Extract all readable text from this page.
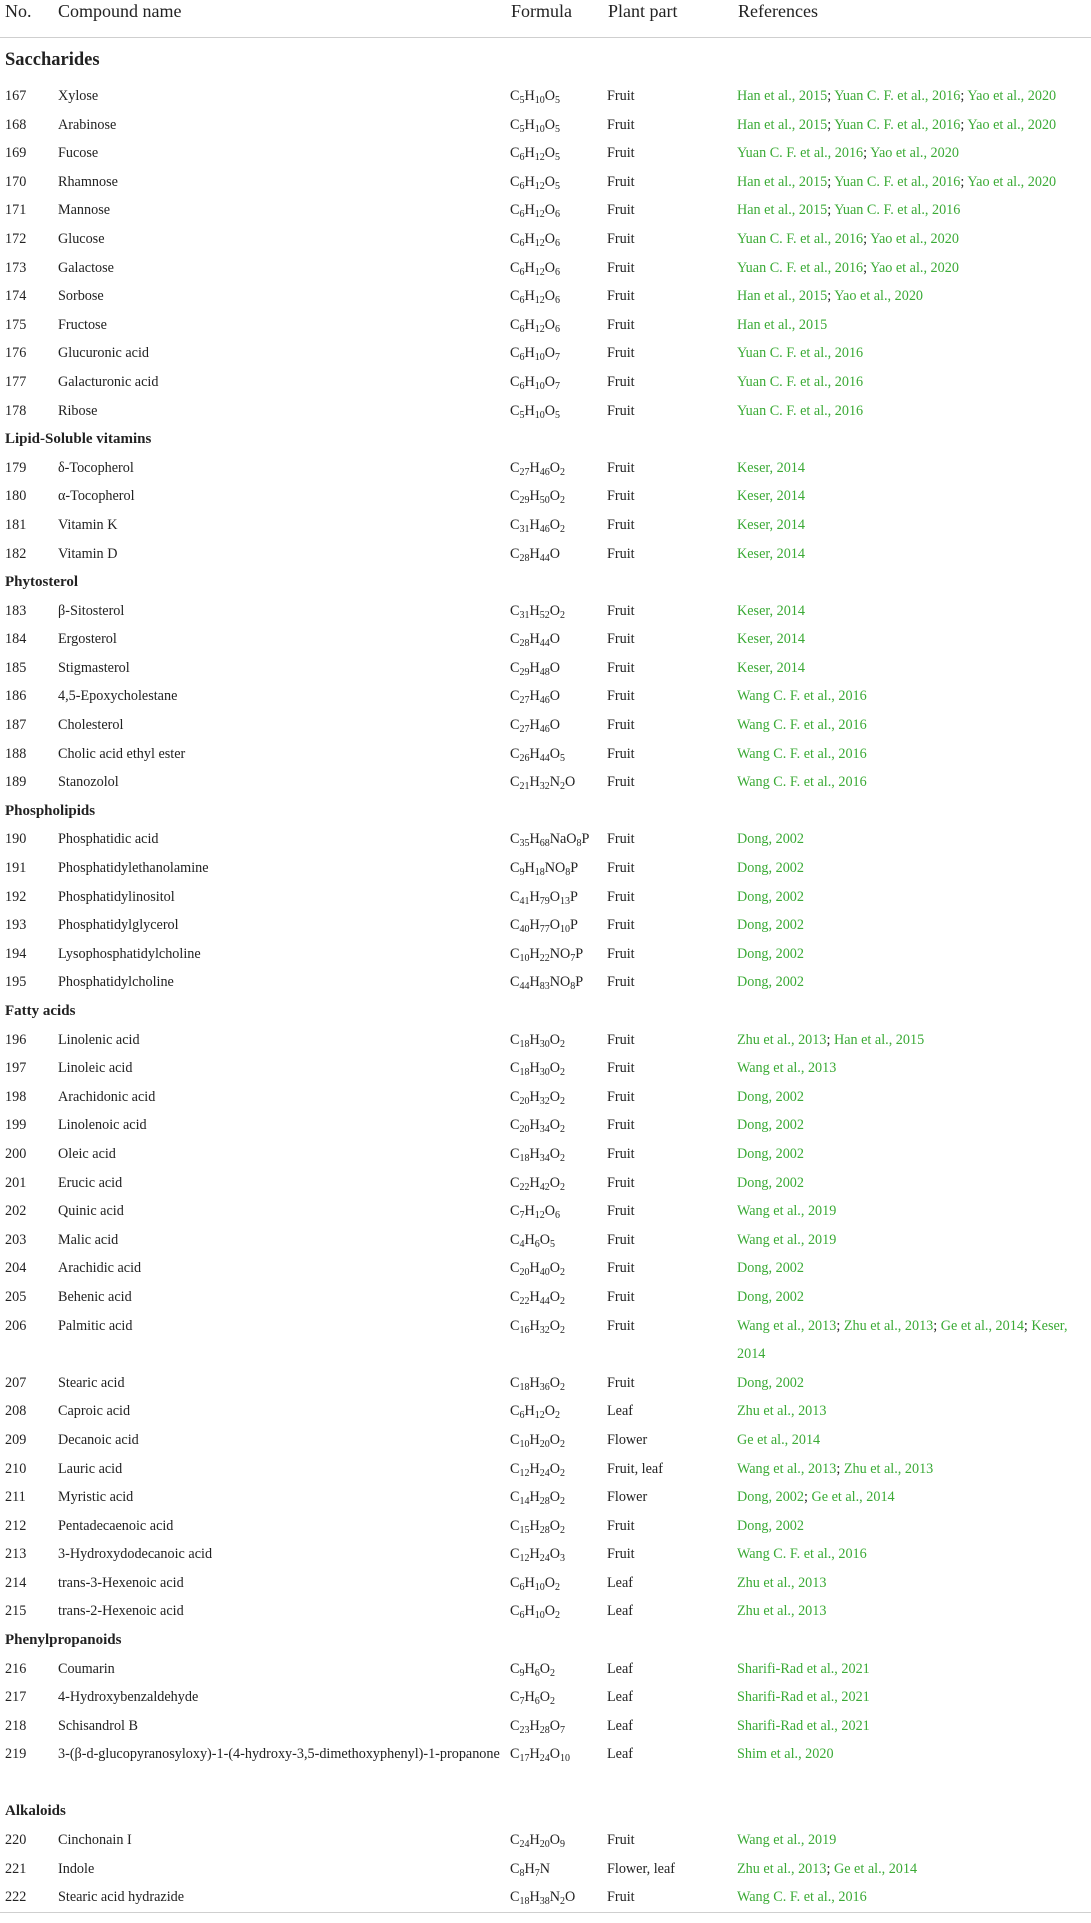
No.	Compound name	Formula	Plant part	References
Saccharides				
167	Xylose	$C_5H_{10}O_5$	Fruit	Han et al., 2015; Yuan C. F. et al., 2016; Yao et al., 2020
168	Arabinose	$C_5H_{10}O_5$	Fruit	Han et al., 2015; Yuan C. F. et al., 2016; Yao et al., 2020
169	Fucose	$C_6H_{12}O_5$	Fruit	Yuan C. F. et al., 2016; Yao et al., 2020
170	Rhamnose	$C_6H_{12}O_5$	Fruit	Han et al., 2015; Yuan C. F. et al., 2016; Yao et al., 2020
171	Mannose	$C_6H_{12}O_6$	Fruit	Han et al., 2015; Yuan C. F. et al., 2016
172	Glucose	$C_6H_{12}O_6$	Fruit	Yuan C. F. et al., 2016; Yao et al., 2020
173	Galactose	$C_6H_{12}O_6$	Fruit	Yuan C. F. et al., 2016; Yao et al., 2020
174	Sorbose	$C_6H_{12}O_6$	Fruit	Han et al., 2015; Yao et al., 2020
175	Fructose	$C_6H_{12}O_6$	Fruit	Han et al., 2015
176	Glucuronic acid	$C_6H_{10}O_7$	Fruit	Yuan C. F. et al., 2016
177	Galacturonic acid	$C_6H_{10}O_7$	Fruit	Yuan C. F. et al., 2016
178	Ribose	$C_5H_{10}O_5$	Fruit	Yuan C. F. et al., 2016
Lipid-Soluble vitamins				
179	δ-Tocopherol	$C_{27}H_{46}O_2$	Fruit	Keser, 2014
180	α-Tocopherol	$C_{29}H_{50}O_2$	Fruit	Keser, 2014
181	Vitamin K	$C_{31}H_{46}O_2$	Fruit	Keser, 2014
182	Vitamin D	$C_{28}H_{44}O$	Fruit	Keser, 2014
Phytosterol				
183	β-Sitosterol	$C_{31}H_{52}O_2$	Fruit	Keser, 2014
184	Ergosterol	$C_{28}H_{44}O$	Fruit	Keser, 2014
185	Stigmasterol	$C_{29}H_{48}O$	Fruit	Keser, 2014
186	4,5-Epoxycholestane	$C_{27}H_{46}O$	Fruit	Wang C. F. et al., 2016
187	Cholesterol	$C_{27}H_{46}O$	Fruit	Wang C. F. et al., 2016
188	Cholic acid ethyl ester	$C_{26}H_{44}O_5$	Fruit	Wang C. F. et al., 2016
189	Stanozolol	$C_{21}H_{32}N_2O$	Fruit	Wang C. F. et al., 2016
Phospholipids				
190	Phosphatidic acid	$C_{35}H_{68}NaO_8P$	Fruit	Dong, 2002
191	Phosphatidylethanolamine	$C_9H_{18}NO_8P$	Fruit	Dong, 2002
192	Phosphatidylinositol	$C_{41}H_{79}O_{13}P$	Fruit	Dong, 2002
193	Phosphatidylglycerol	$C_{40}H_{77}O_{10}P$	Fruit	Dong, 2002
194	Lysophosphatidylcholine	$C_{10}H_{22}NO_7P$	Fruit	Dong, 2002
195	Phosphatidylcholine	$C_{44}H_{83}NO_8P$	Fruit	Dong, 2002
Fatty acids				
196	Linolenic acid	$C_{18}H_{30}O_2$	Fruit	Zhu et al., 2013; Han et al., 2015
197	Linoleic acid	$C_{18}H_{30}O_2$	Fruit	Wang et al., 2013
198	Arachidonic acid	$C_{20}H_{32}O_2$	Fruit	Dong, 2002
199	Linolenoic acid	$C_{20}H_{34}O_2$	Fruit	Dong, 2002
200	Oleic acid	$C_{18}H_{34}O_2$	Fruit	Dong, 2002
201	Erucic acid	$C_{22}H_{42}O_2$	Fruit	Dong, 2002
202	Quinic acid	$C_7H_{12}O_6$	Fruit	Wang et al., 2019
203	Malic acid	$C_4H_6O_5$	Fruit	Wang et al., 2019
204	Arachidic acid	$C_{20}H_{40}O_2$	Fruit	Dong, 2002
205	Behenic acid	$C_{22}H_{44}O_2$	Fruit	Dong, 2002
206	Palmitic acid	$C_{16}H_{32}O_2$	Fruit	Wang et al., 2013; Zhu et al., 2013; Ge et al., 2014; Keser, 2014
207	Stearic acid	$C_{18}H_{36}O_2$	Fruit	Dong, 2002
208	Caproic acid	$C_6H_{12}O_2$	Leaf	Zhu et al., 2013
209	Decanoic acid	$C_{10}H_{20}O_2$	Flower	Ge et al., 2014
210	Lauric acid	$C_{12}H_{24}O_2$	Fruit, leaf	Wang et al., 2013; Zhu et al., 2013
211	Myristic acid	$C_{14}H_{28}O_2$	Flower	Dong, 2002; Ge et al., 2014
212	Pentadecaenoic acid	$C_{15}H_{28}O_2$	Fruit	Dong, 2002
213	3-Hydroxydodecanoic acid	$C_{12}H_{24}O_3$	Fruit	Wang C. F. et al., 2016
214	trans-3-Hexenoic acid	$C_6H_{10}O_2$	Leaf	Zhu et al., 2013
215	trans-2-Hexenoic acid	$C_6H_{10}O_2$	Leaf	Zhu et al., 2013
Phenylpropanoids				
216	Coumarin	$C_9H_6O_2$	Leaf	Sharifi-Rad et al., 2021
217	4-Hydroxybenzaldehyde	$C_7H_6O_2$	Leaf	Sharifi-Rad et al., 2021
218	Schisandrol B	$C_{23}H_{28}O_7$	Leaf	Sharifi-Rad et al., 2021
219	3-(β-d-glucopyranosyloxy)-1-(4-hydroxy-3,5-dimethoxyphenyl)-1-propanone	$C_{17}H_{24}O_{10}$	Leaf	Shim et al., 2020
Alkaloids				
220	Cinchonain I	$C_{24}H_{20}O_9$	Fruit	Wang et al., 2019
221	Indole	$C_8H_7N$	Flower, leaf	Zhu et al., 2013; Ge et al., 2014
222	Stearic acid hydrazide	$C_{18}H_{38}N_2O$	Fruit	Wang C. F. et al., 2016
